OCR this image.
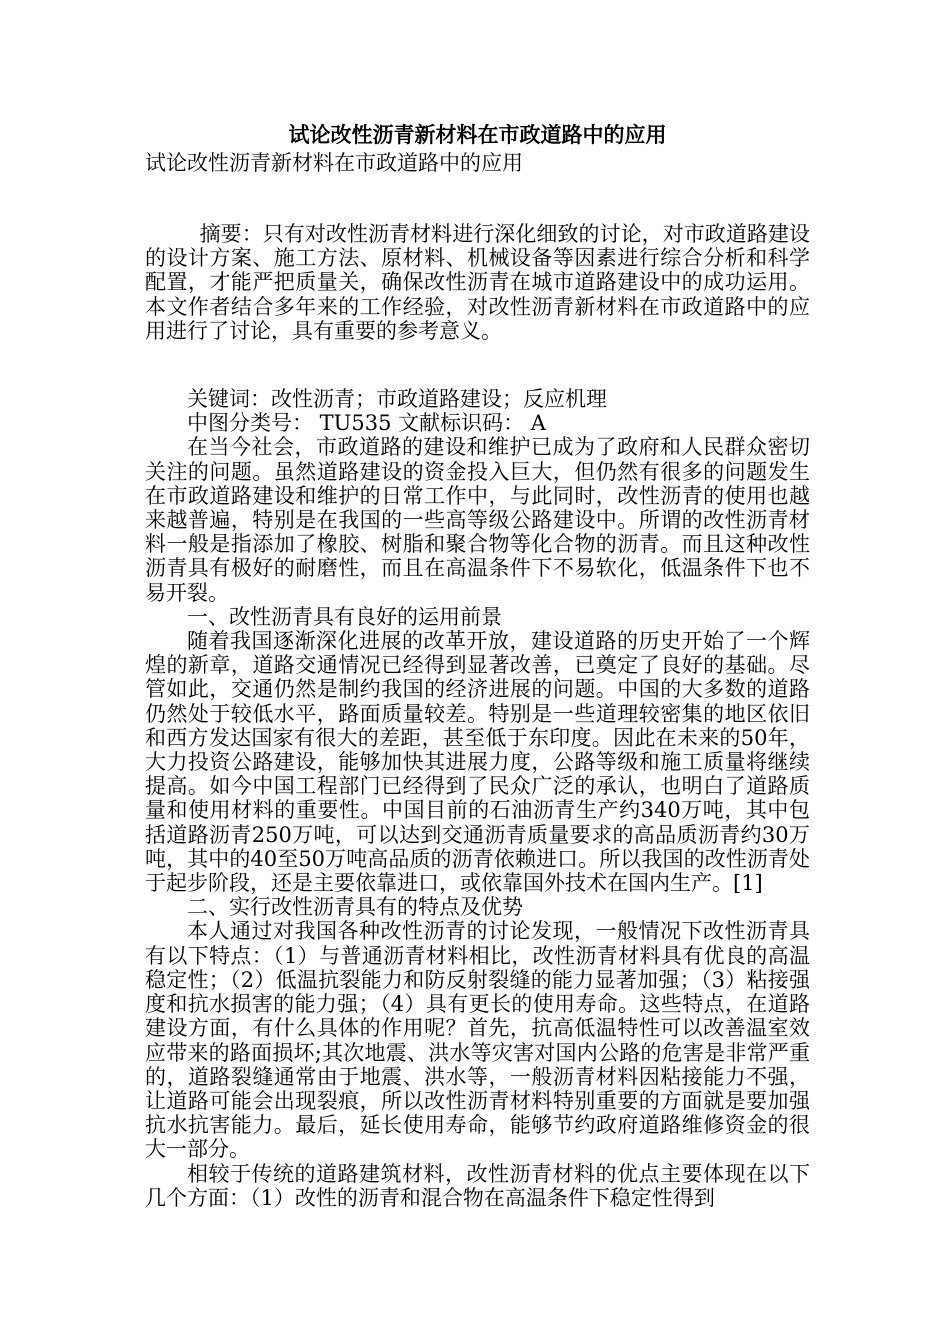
试论改性沥青新材料在市政道路中的应用

试论改性沥青新材料在市政道路中的应用

摘要：只有对改性沥青材料进行深化细致的讨论，对市政道路建设的设计方案、施工方法、原材料、机械设备等因素进行综合分析和科学配置，才能严把质量关，确保改性沥青在城市道路建设中的成功运用。本文作者结合多年来的工作经验，对改性沥青新材料在市政道路中的应用进行了讨论，具有重要的参考意义。

关键词：改性沥青；市政道路建设；反应机理

中图分类号： TU535 文献标识码： A

在当今社会，市政道路的建设和维护已成为了政府和人民群众密切关注的问题。虽然道路建设的资金投入巨大，但仍然有很多的问题发生在市政道路建设和维护的日常工作中，与此同时，改性沥青的使用也越来越普遍，特别是在我国的一些高等级公路建设中。所谓的改性沥青材料一般是指添加了橡胶、树脂和聚合物等化合物的沥青。而且这种改性沥青具有极好的耐磨性，而且在高温条件下不易软化，低温条件下也不易开裂。

一、改性沥青具有良好的运用前景

随着我国逐渐深化进展的改革开放，建设道路的历史开始了一个辉煌的新章，道路交通情况已经得到显著改善，已奠定了良好的基础。尽管如此，交通仍然是制约我国的经济进展的问题。中国的大多数的道路仍然处于较低水平，路面质量较差。特别是一些道理较密集的地区依旧和西方发达国家有很大的差距，甚至低于东印度。因此在未来的50年，大力投资公路建设，能够加快其进展力度，公路等级和施工质量将继续提高。如今中国工程部门已经得到了民众广泛的承认，也明白了道路质量和使用材料的重要性。中国目前的石油沥青生产约340万吨，其中包括道路沥青250万吨，可以达到交通沥青质量要求的高品质沥青约30万吨，其中的40至50万吨高品质的沥青依赖进口。所以我国的改性沥青处于起步阶段，还是主要依靠进口，或依靠国外技术在国内生产。[1]

二、实行改性沥青具有的特点及优势

本人通过对我国各种改性沥青的讨论发现，一般情况下改性沥青具有以下特点：（1）与普通沥青材料相比，改性沥青材料具有优良的高温稳定性；（2）低温抗裂能力和防反射裂缝的能力显著加强；（3）粘接强度和抗水损害的能力强；（4）具有更长的使用寿命。这些特点，在道路建设方面，有什么具体的作用呢？首先，抗高低温特性可以改善温室效应带来的路面损坏;其次地震、洪水等灾害对国内公路的危害是非常严重的，道路裂缝通常由于地震、洪水等，一般沥青材料因粘接能力不强，让道路可能会出现裂痕，所以改性沥青材料特别重要的方面就是要加强抗水抗害能力。最后，延长使用寿命，能够节约政府道路维修资金的很大一部分。

相较于传统的道路建筑材料，改性沥青材料的优点主要体现在以下几个方面：（1）改性的沥青和混合物在高温条件下稳定性得到
